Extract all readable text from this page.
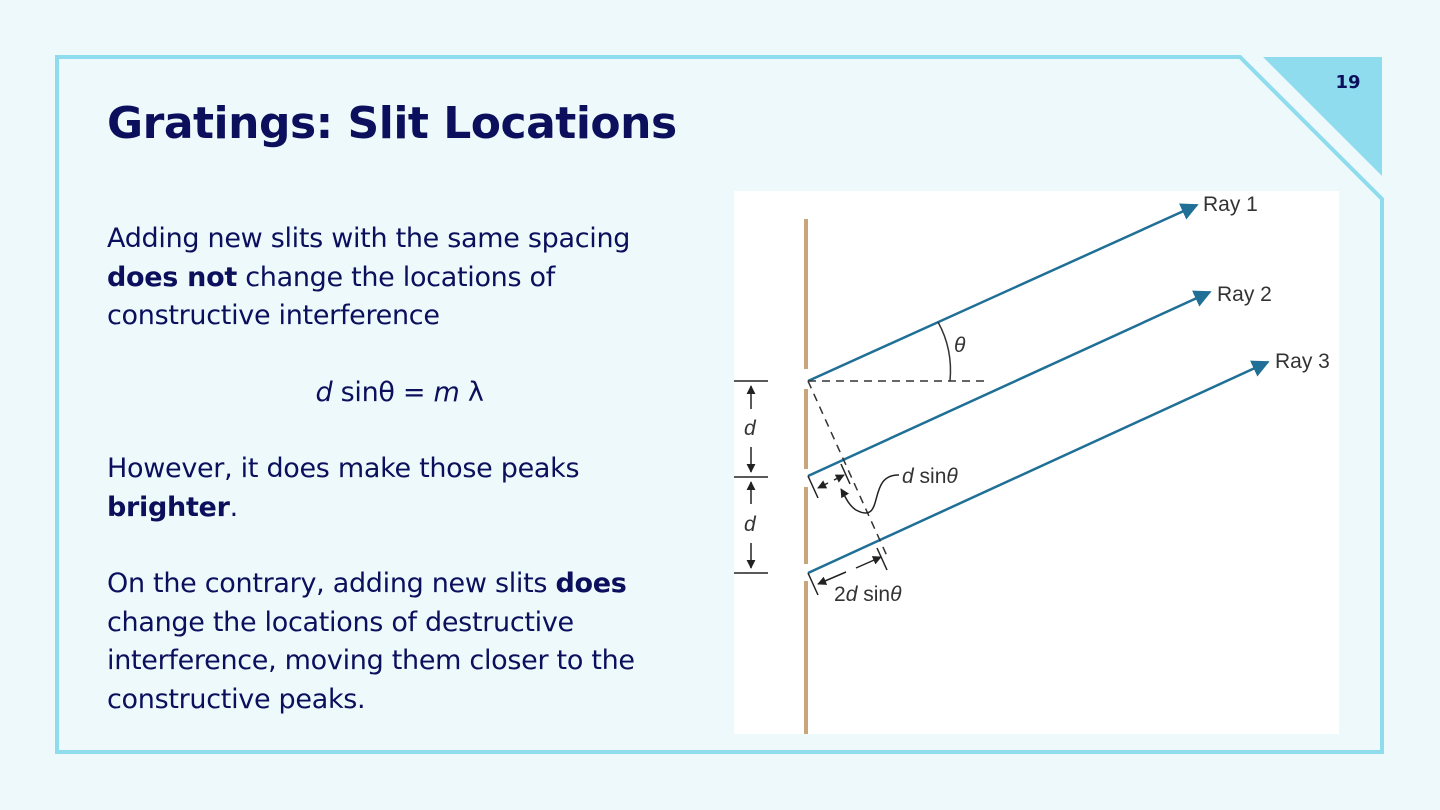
19
Gratings: Slit Locations

Adding new slits with the same spacing
does not change the locations of constructive interference

d sinθ = m λ

However, it does make those peaks
brighter.

On the contrary, adding new slits does change the locations of destructive interference, moving them closer to the constructive peaks.

Ray 1
Ray 2
Ray 3
θ
d
d
d sinθ
2d sinθ
